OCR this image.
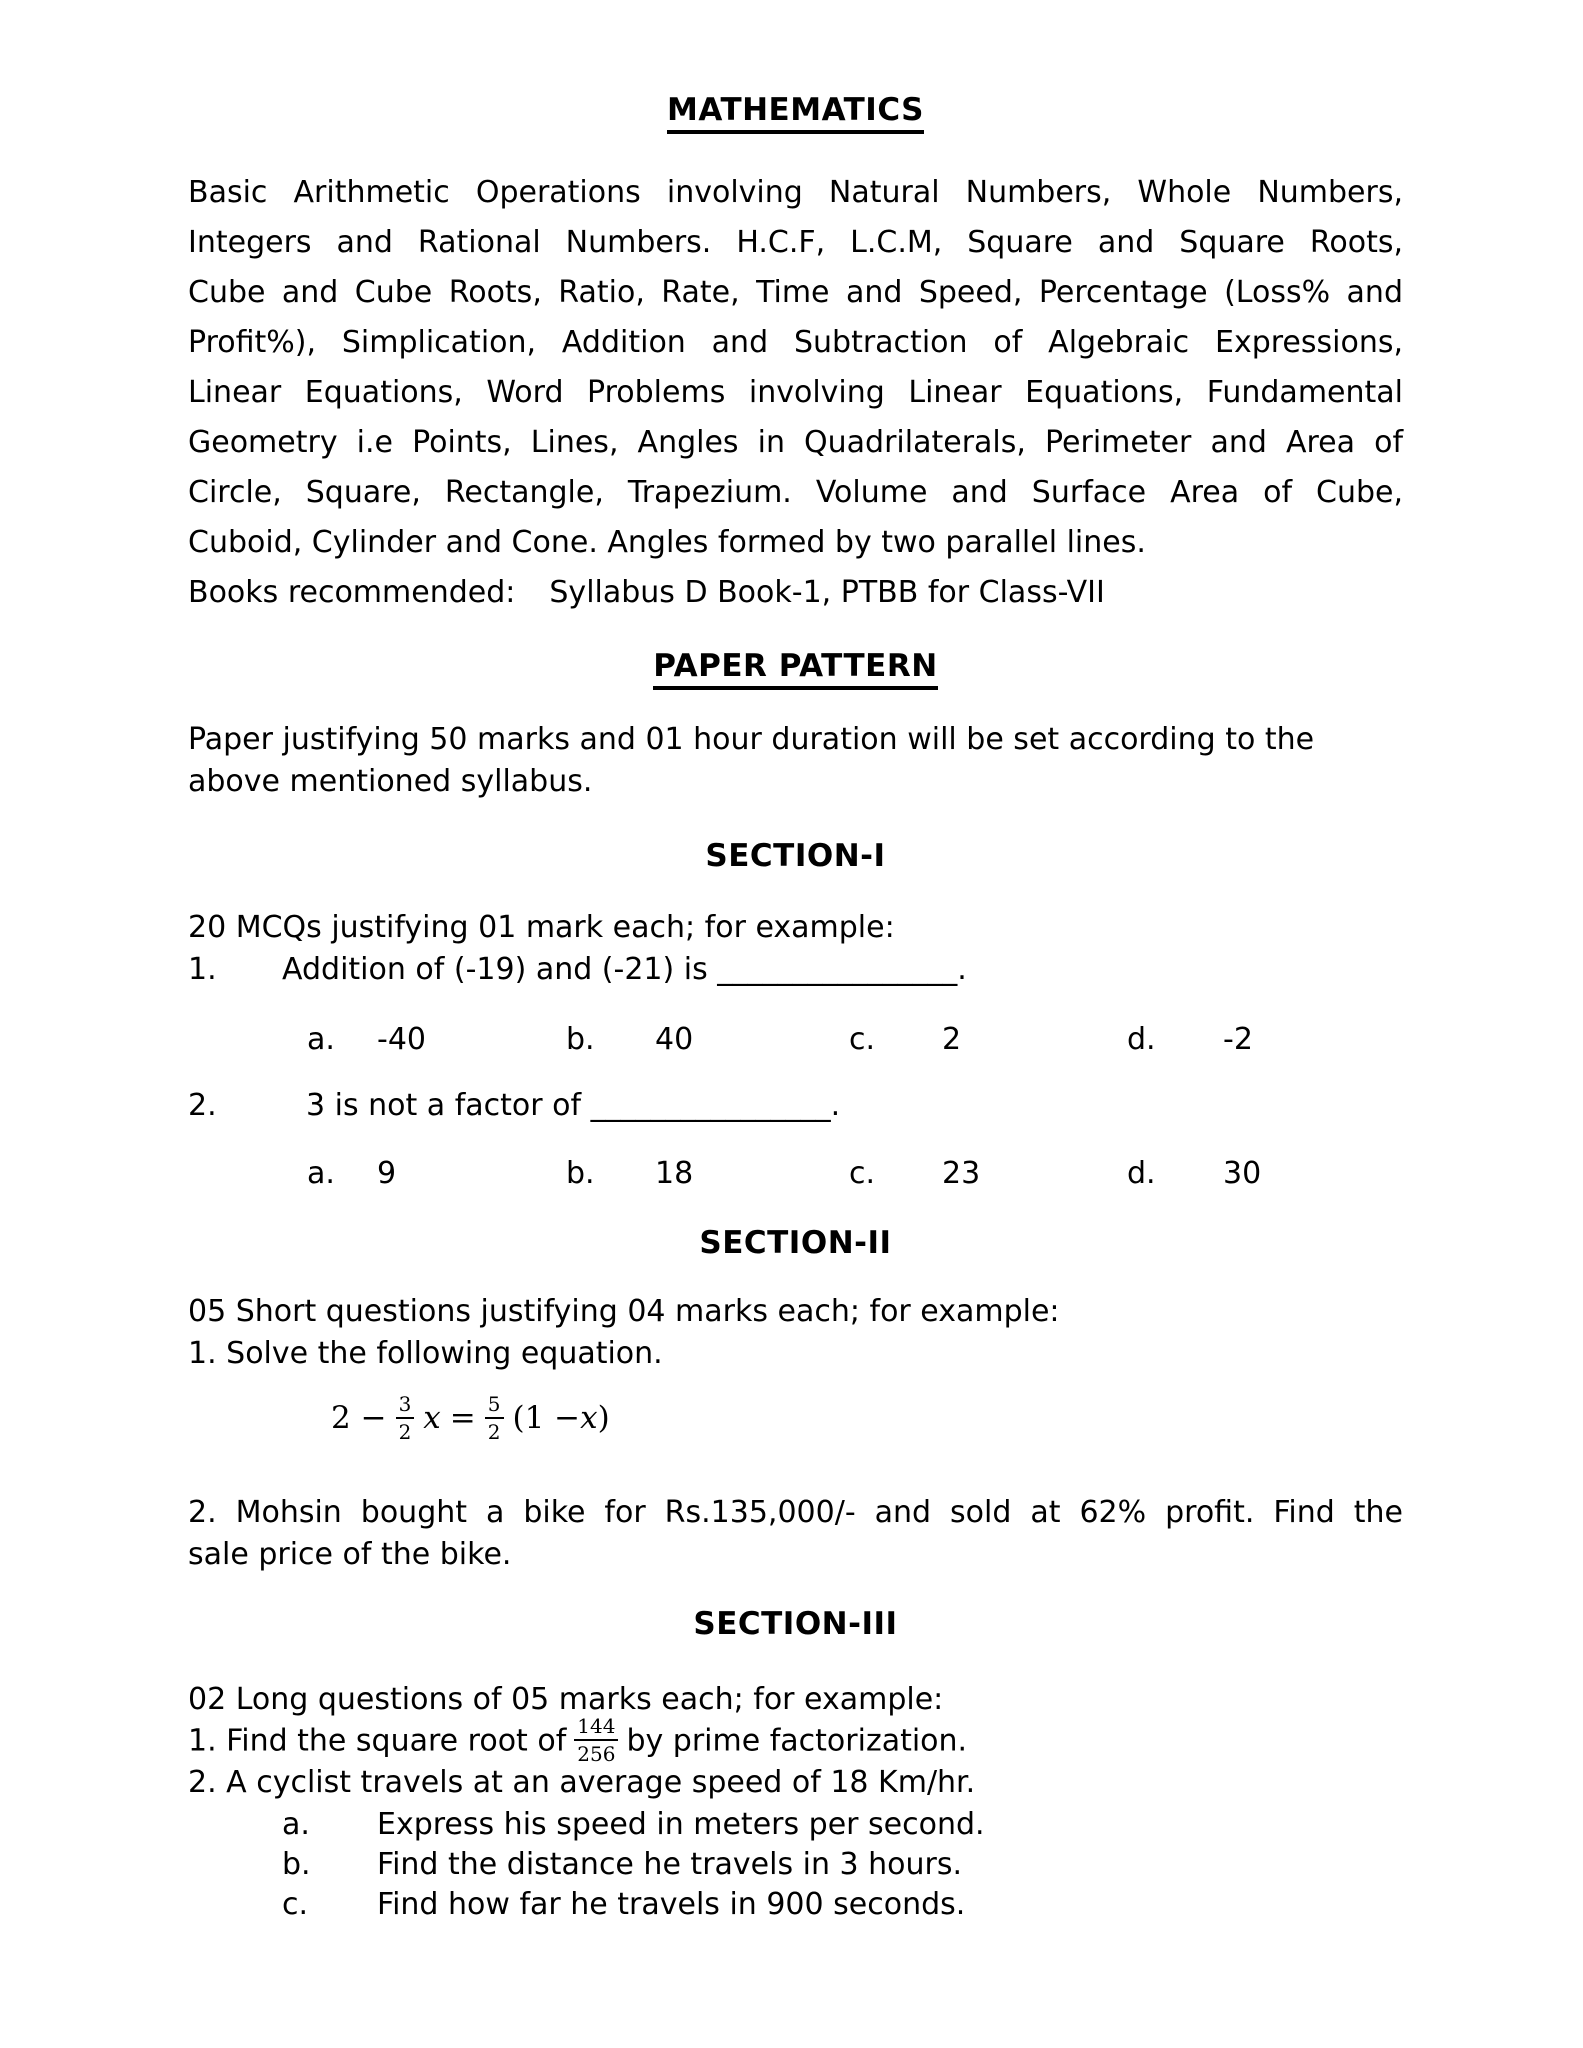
MATHEMATICS
Basic Arithmetic Operations involving Natural Numbers, Whole Numbers,
Integers and Rational Numbers. H.C.F, L.C.M, Square and Square Roots,
Cube and Cube Roots, Ratio, Rate, Time and Speed, Percentage (Loss% and
Profit%), Simplication, Addition and Subtraction of Algebraic Expressions,
Linear Equations, Word Problems involving Linear Equations, Fundamental
Geometry i.e Points, Lines, Angles in Quadrilaterals, Perimeter and Area of
Circle, Square, Rectangle, Trapezium. Volume and Surface Area of Cube,
Cuboid, Cylinder and Cone. Angles formed by two parallel lines.
Books recommended: Syllabus D Book-1, PTBB for Class-VII
PAPER PATTERN
Paper justifying 50 marks and 01 hour duration will be set according to the
above mentioned syllabus.
SECTION-I
20 MCQs justifying 01 mark each; for example:
1.	Addition of (-19) and (-21) is ________________.
a. -40	b. 40	c. 2	d. -2
2.	3 is not a factor of ________________.
a. 9	b. 18	c. 23	d. 30
SECTION-II
05 Short questions justifying 04 marks each; for example:
1. Solve the following equation.
$2 - \frac{3}{2}$ $x = \frac{5}{2} (1 - x$ )
2. Mohsin bought a bike for Rs.135,000/- and sold at 62% profit. Find the
sale price of the bike.
SECTION-III
02 Long questions of 05 marks each; for example:
1. Find the square root of $\frac{144}{256}$ by prime factorization.
2. A cyclist travels at an average speed of 18 Km/hr.
a.	Express his speed in meters per second.
b.	Find the distance he travels in 3 hours.
c.	Find how far he travels in 900 seconds.
